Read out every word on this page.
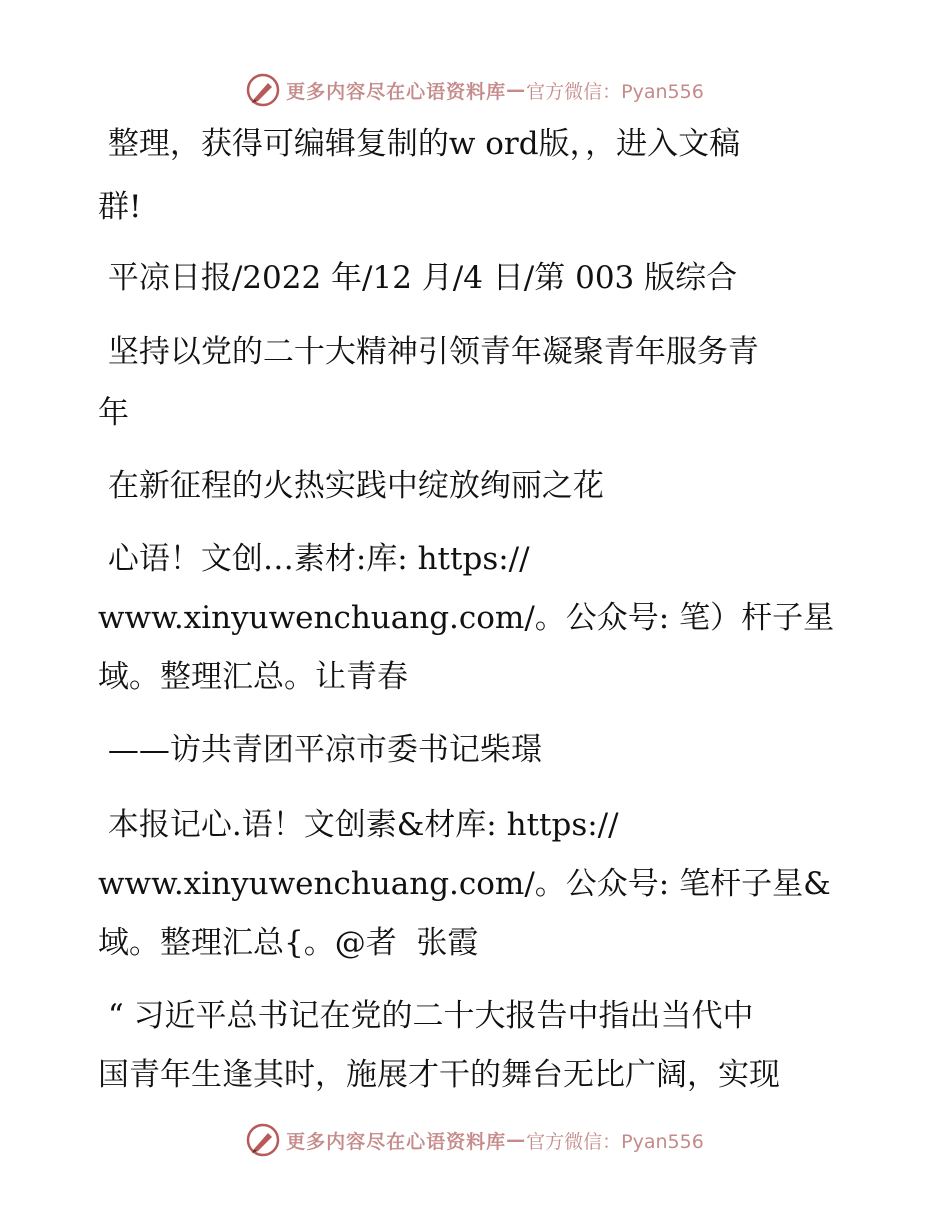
更多内容尽在心语资料库 — 官方微信：Pyan556
整理，获得可编辑复制的w ord版，，进入文稿
群!
平凉日报/2022 年/12 月/4 日/第 003 版综合
坚持以党的二十大精神引领青年凝聚青年服务青
年
在新征程的火热实践中绽放绚丽之花
心语！文创…素材:库: https://
www.xinyuwenchuang.com/。公众号: 笔）杆子星
域。整理汇总。让青春
——访共青团平凉市委书记柴璟
本报记心.语！文创素&材库: https://
www.xinyuwenchuang.com/。公众号: 笔杆子星&
域。整理汇总{。@者  张霞
“ 习近平总书记在党的二十大报告中指出当代中
国青年生逢其时，施展才干的舞台无比广阔，实现
更多内容尽在心语资料库 — 官方微信：Pyan556
